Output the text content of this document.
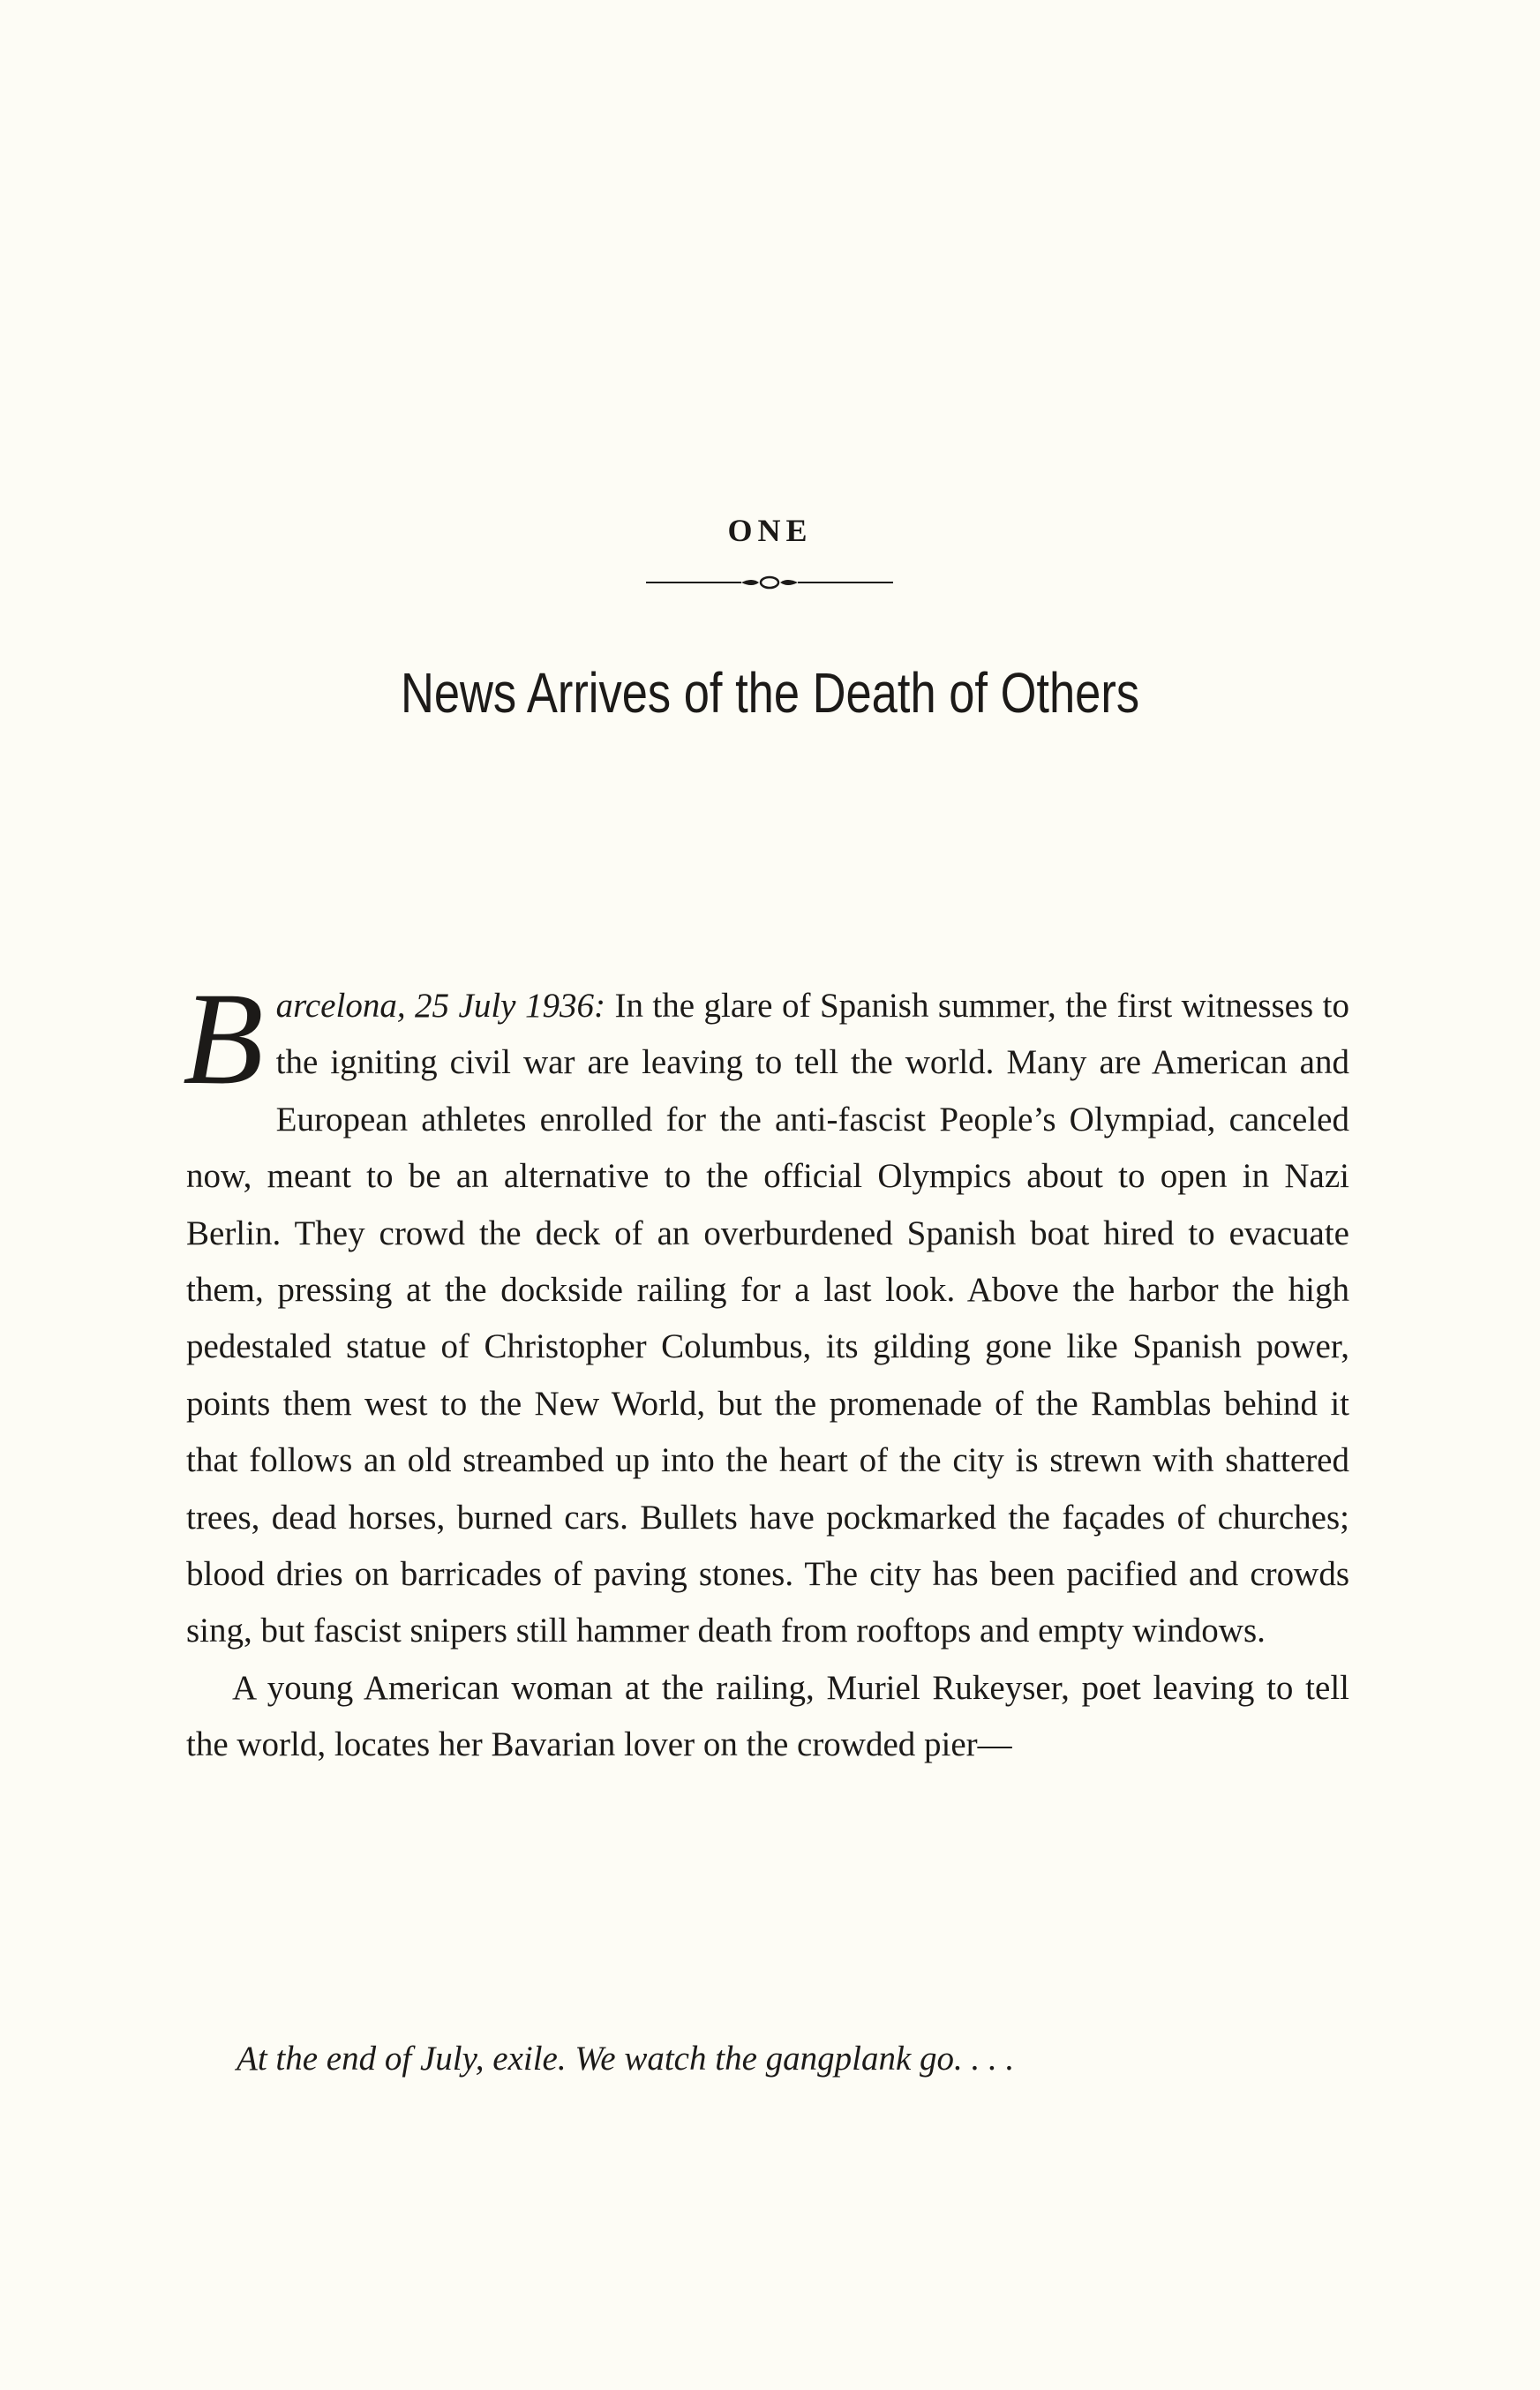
ONE
News Arrives of the Death of Others

Barcelona, 25 July 1936: In the glare of Spanish summer, the first witnesses to the igniting civil war are leaving to tell the world. Many are American and European athletes enrolled for the anti-fascist People’s Olympiad, canceled now, meant to be an alternative to the official Olympics about to open in Nazi Berlin. They crowd the deck of an overburdened Spanish boat hired to evacuate them, pressing at the dockside railing for a last look. Above the harbor the high pedestaled statue of Christopher Columbus, its gilding gone like Spanish power, points them west to the New World, but the promenade of the Ramblas behind it that follows an old streambed up into the heart of the city is strewn with shattered trees, dead horses, burned cars. Bullets have pockmarked the façades of churches; blood dries on barricades of paving stones. The city has been pacified and crowds sing, but fascist snipers still hammer death from rooftops and empty windows.

A young American woman at the railing, Muriel Rukeyser, poet leaving to tell the world, locates her Bavarian lover on the crowded pier—

At the end of July, exile. We watch the gangplank go. . . .
